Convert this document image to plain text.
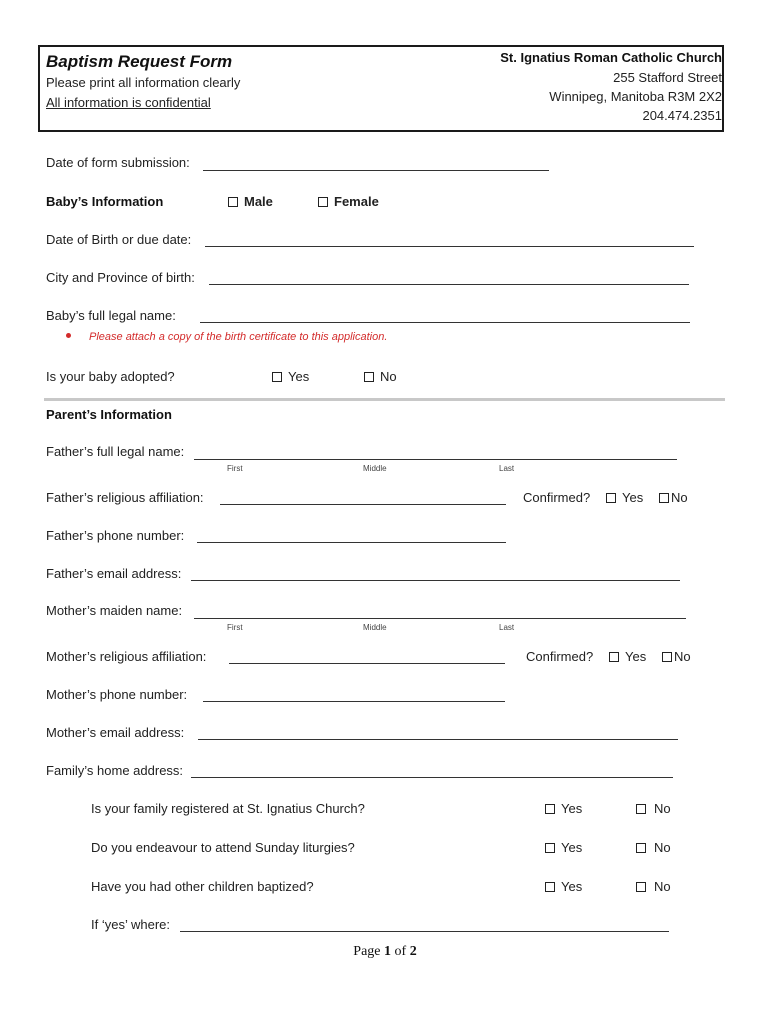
Baptism Request Form
Please print all information clearly
All information is confidential
St. Ignatius Roman Catholic Church
255 Stafford Street
Winnipeg, Manitoba R3M 2X2
204.474.2351
Date of form submission:
Baby’s Information	Male	Female
Date of Birth or due date:
City and Province of birth:
Baby’s full legal name:
Please attach a copy of the birth certificate to this application.
Is your baby adopted?	Yes	No
Parent’s Information
Father’s full legal name:
First	Middle	Last
Father’s religious affiliation:	Confirmed?	Yes	No
Father’s phone number:
Father’s email address:
Mother’s maiden name:
First	Middle	Last
Mother’s religious affiliation:	Confirmed?	Yes	No
Mother’s phone number:
Mother’s email address:
Family’s home address:
Is your family registered at St. Ignatius Church?	Yes	No
Do you endeavour to attend Sunday liturgies?	Yes	No
Have you had other children baptized?	Yes	No
If ‘yes’ where:
Page 1 of 2
